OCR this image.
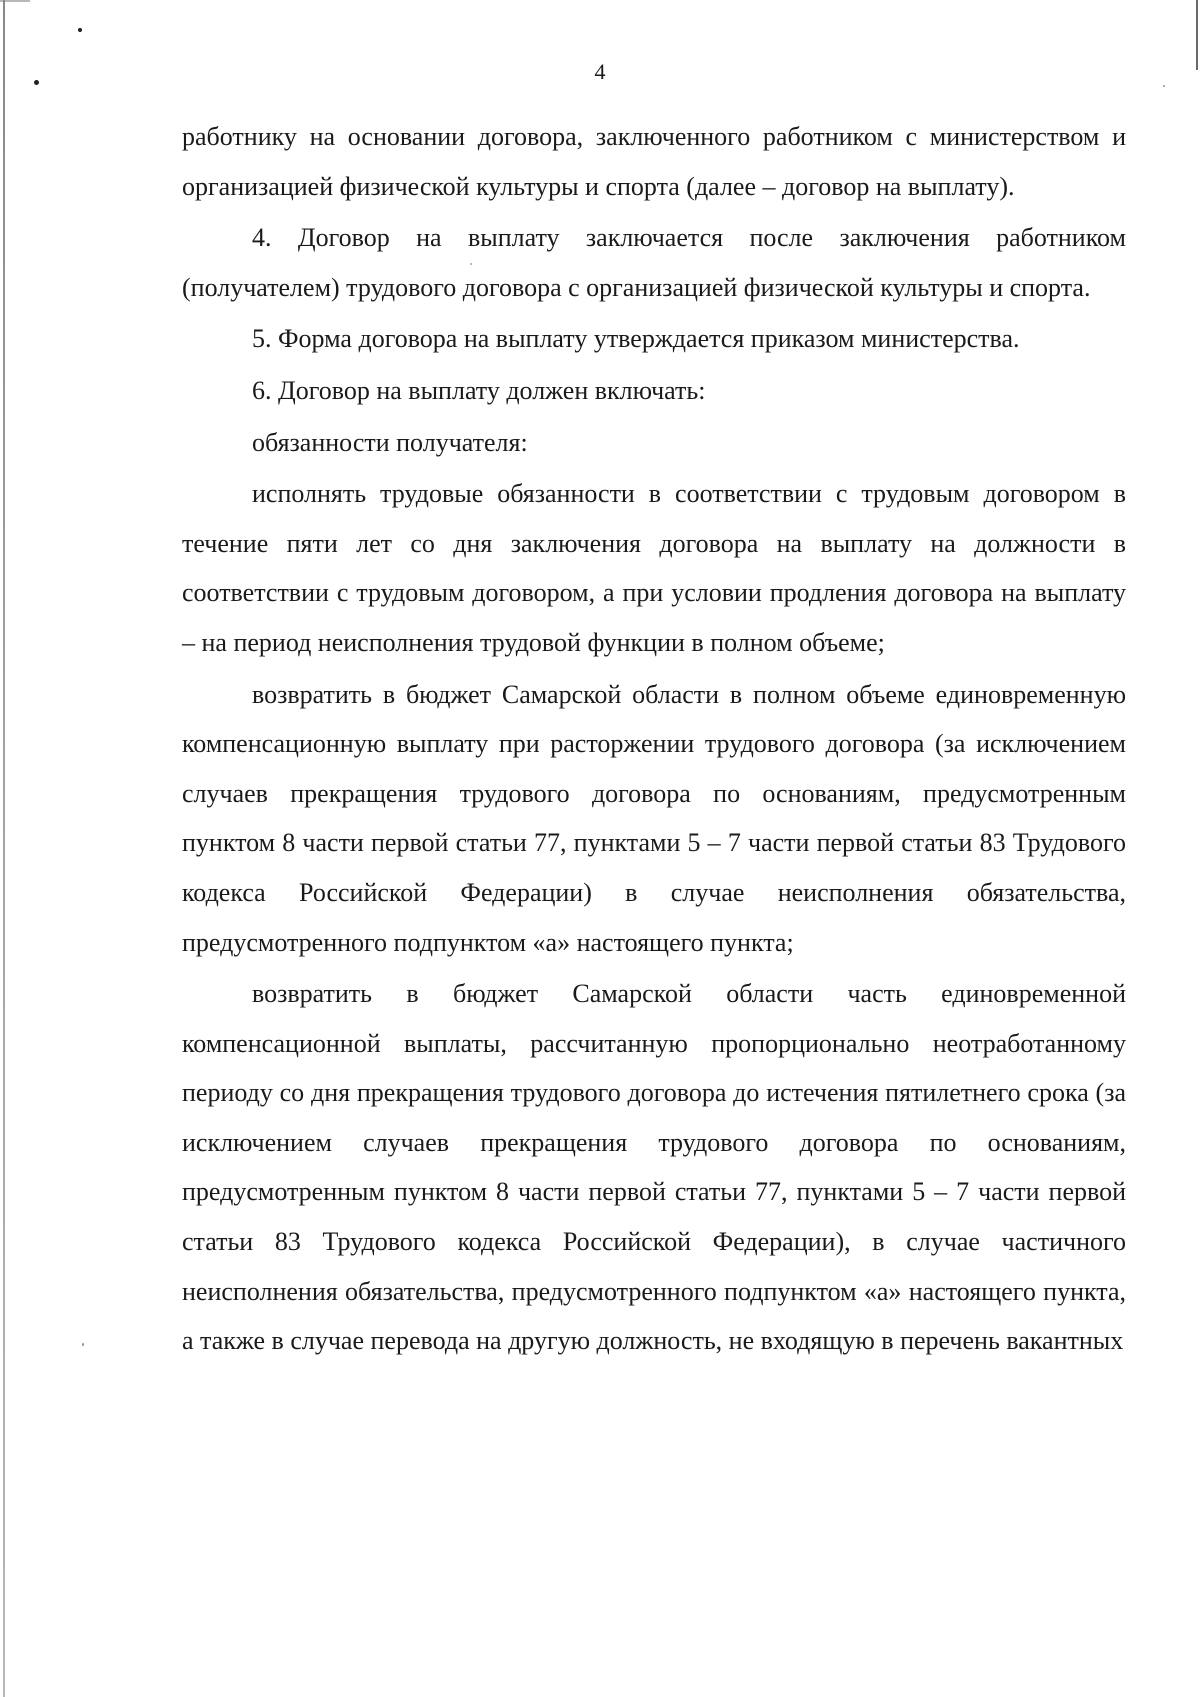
4

работнику на основании договора, заключенного работником с министерством и организацией физической культуры и спорта (далее – договор на выплату).

4. Договор на выплату заключается после заключения работником (получателем) трудового договора с организацией физической культуры и спорта.

5. Форма договора на выплату утверждается приказом министерства.

6. Договор на выплату должен включать:

обязанности получателя:

исполнять трудовые обязанности в соответствии с трудовым договором в течение пяти лет со дня заключения договора на выплату на должности в соответствии с трудовым договором, а при условии продления договора на выплату – на период неисполнения трудовой функции в полном объеме;

возвратить в бюджет Самарской области в полном объеме единовременную компенсационную выплату при расторжении трудового договора (за исключением случаев прекращения трудового договора по основаниям, предусмотренным пунктом 8 части первой статьи 77, пунктами 5 – 7 части первой статьи 83 Трудового кодекса Российской Федерации) в случае неисполнения обязательства, предусмотренного подпунктом «а» настоящего пункта;

возвратить в бюджет Самарской области часть единовременной компенсационной выплаты, рассчитанную пропорционально неотработанному периоду со дня прекращения трудового договора до истечения пятилетнего срока (за исключением случаев прекращения трудового договора по основаниям, предусмотренным пунктом 8 части первой статьи 77, пунктами 5 – 7 части первой статьи 83 Трудового кодекса Российской Федерации), в случае частичного неисполнения обязательства, предусмотренного подпунктом «а» настоящего пункта, а также в случае перевода на другую должность, не входящую в перечень вакантных
